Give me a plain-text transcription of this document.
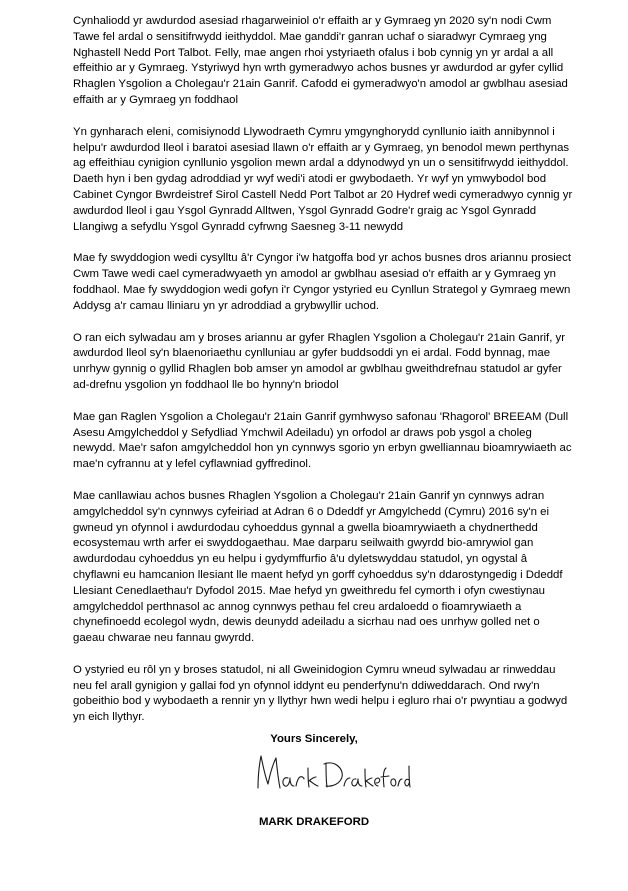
Cynhaliodd yr awdurdod asesiad rhagarweiniol o'r effaith ar y Gymraeg yn 2020 sy'n nodi Cwm Tawe fel ardal o sensitifrwydd ieithyddol. Mae ganddi'r ganran uchaf o siaradwyr Cymraeg yng Nghastell Nedd Port Talbot. Felly, mae angen rhoi ystyriaeth ofalus i bob cynnig yn yr ardal a all effeithio ar y Gymraeg. Ystyriwyd hyn wrth gymeradwyo achos busnes yr awdurdod ar gyfer cyllid Rhaglen Ysgolion a Cholegau'r 21ain Ganrif. Cafodd ei gymeradwyo'n amodol ar gwblhau asesiad effaith ar y Gymraeg yn foddhaol

Yn gynharach eleni, comisiynodd Llywodraeth Cymru ymgynghorydd cynllunio iaith annibynnol i helpu'r awdurdod lleol i baratoi asesiad llawn o'r effaith ar y Gymraeg, yn benodol mewn perthynas ag effeithiau cynigion cynllunio ysgolion mewn ardal a ddynodwyd yn un o sensitifrwydd ieithyddol. Daeth hyn i ben gydag adroddiad yr wyf wedi'i atodi er gwybodaeth. Yr wyf yn ymwybodol bod Cabinet Cyngor Bwrdeistref Sirol Castell Nedd Port Talbot ar 20 Hydref wedi cymeradwyo cynnig yr awdurdod lleol i gau Ysgol Gynradd Alltwen, Ysgol Gynradd Godre'r graig ac Ysgol Gynradd Llangiwg a sefydlu Ysgol Gynradd cyfrwng Saesneg 3-11 newydd

Mae fy swyddogion wedi cysylltu â'r Cyngor i'w hatgoffa bod yr achos busnes dros ariannu prosiect Cwm Tawe wedi cael cymeradwyaeth yn amodol ar gwblhau asesiad o'r effaith ar y Gymraeg yn foddhaol. Mae fy swyddogion wedi gofyn i'r Cyngor ystyried eu Cynllun Strategol y Gymraeg mewn Addysg a'r camau lliniaru yn yr adroddiad a grybwyllir uchod.

O ran eich sylwadau am y broses ariannu ar gyfer Rhaglen Ysgolion a Cholegau'r 21ain Ganrif, yr awdurdod lleol sy'n blaenoriaethu cynlluniau ar gyfer buddsoddi yn ei ardal. Fodd bynnag, mae unrhyw gynnig o gyllid Rhaglen bob amser yn amodol ar gwblhau gweithdrefnau statudol ar gyfer ad-drefnu ysgolion yn foddhaol lle bo hynny'n briodol

Mae gan Raglen Ysgolion a Cholegau'r 21ain Ganrif gymhwyso safonau 'Rhagorol' BREEAM (Dull Asesu Amgylcheddol y Sefydliad Ymchwil Adeiladu) yn orfodol ar draws pob ysgol a choleg newydd. Mae'r safon amgylcheddol hon yn cynnwys sgorio yn erbyn gwelliannau bioamrywiaeth ac mae'n cyfrannu at y lefel cyflawniad gyffredinol.

Mae canllawiau achos busnes Rhaglen Ysgolion a Cholegau'r 21ain Ganrif yn cynnwys adran amgylcheddol sy'n cynnwys cyfeiriad at Adran 6 o Ddeddf yr Amgylchedd (Cymru) 2016 sy'n ei gwneud yn ofynnol i awdurdodau cyhoeddus gynnal a gwella bioamrywiaeth a chydnerthedd ecosystemau wrth arfer ei swyddogaethau. Mae darparu seilwaith gwyrdd bio-amrywiol gan awdurdodau cyhoeddus yn eu helpu i gydymffurfio â'u dyletswyddau statudol, yn ogystal â chyflawni eu hamcanion llesiant lle maent hefyd yn gorff cyhoeddus sy'n ddarostyngedig i Ddeddf Llesiant Cenedlaethau'r Dyfodol 2015. Mae hefyd yn gweithredu fel cymorth i ofyn cwestiynau amgylcheddol perthnasol ac annog cynnwys pethau fel creu ardaloedd o fioamrywiaeth a chynefinoedd ecolegol wydn, dewis deunydd adeiladu a sicrhau nad oes unrhyw golled net o gaeau chwarae neu fannau gwyrdd.

O ystyried eu rôl yn y broses statudol, ni all Gweinidogion Cymru wneud sylwadau ar rinweddau neu fel arall gynigion y gallai fod yn ofynnol iddynt eu penderfynu'n ddiweddarach. Ond rwy'n gobeithio bod y wybodaeth a rennir yn y llythyr hwn wedi helpu i egluro rhai o'r pwyntiau a godwyd yn eich llythyr.

Yours Sincerely,
MARK DRAKEFORD
